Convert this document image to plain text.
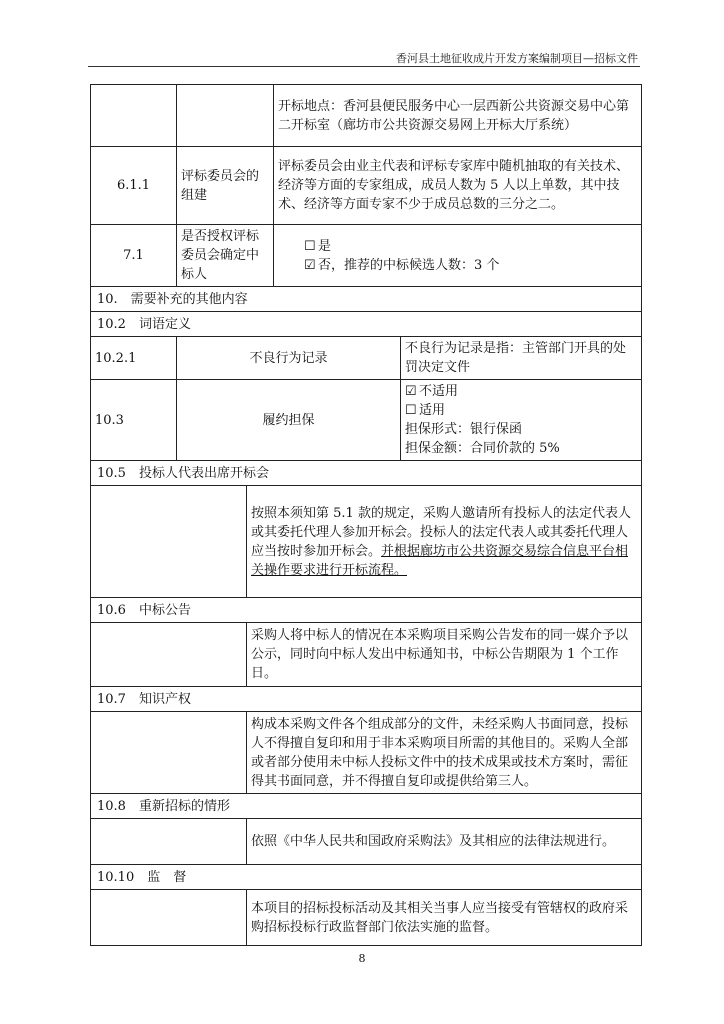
香河县土地征收成片开发方案编制项目—招标文件
			开标地点：香河县便民服务中心一层西新公共资源交易中心第二开标室（廊坊市公共资源交易网上开标大厅系统）	
6.1.1	评标委员会的组建		评标委员会由业主代表和评标专家库中随机抽取的有关技术、经济等方面的专家组成，成员人数为 5 人以上单数，其中技术、经济等方面专家不少于成员总数的三分之二。	
7.1	是否授权评标委员会确定中标人		☐ 是
☑ 否，推荐的中标候选人数：3 个	

10.　需要补充的其他内容				
10.2　词语定义				
10.2.1	不良行为记录			不良行为记录是指：主管部门开具的处罚决定文件
10.3	履约担保			☑ 不适用
☐ 适用
担保形式：银行保函
担保金额：合同价款的 5%

10.5　投标人代表出席开标会				
		按照本须知第 5.1 款的规定，采购人邀请所有投标人的法定代表人或其委托代理人参加开标会。投标人的法定代表人或其委托代理人应当按时参加开标会。并根据廊坊市公共资源交易综合信息平台相关操作要求进行开标流程。		
10.6　中标公告				
		采购人将中标人的情况在本采购项目采购公告发布的同一媒介予以公示，同时向中标人发出中标通知书，中标公告期限为 1 个工作日。		
10.7　知识产权				
		构成本采购文件各个组成部分的文件，未经采购人书面同意，投标人不得擅自复印和用于非本采购项目所需的其他目的。采购人全部或者部分使用未中标人投标文件中的技术成果或技术方案时，需征得其书面同意，并不得擅自复印或提供给第三人。		
10.8　重新招标的情形				
		依照《中华人民共和国政府采购法》及其相应的法律法规进行。		
10.10　监　督				
		本项目的招标投标活动及其相关当事人应当接受有管辖权的政府采购招标投标行政监督部门依法实施的监督。		
8
